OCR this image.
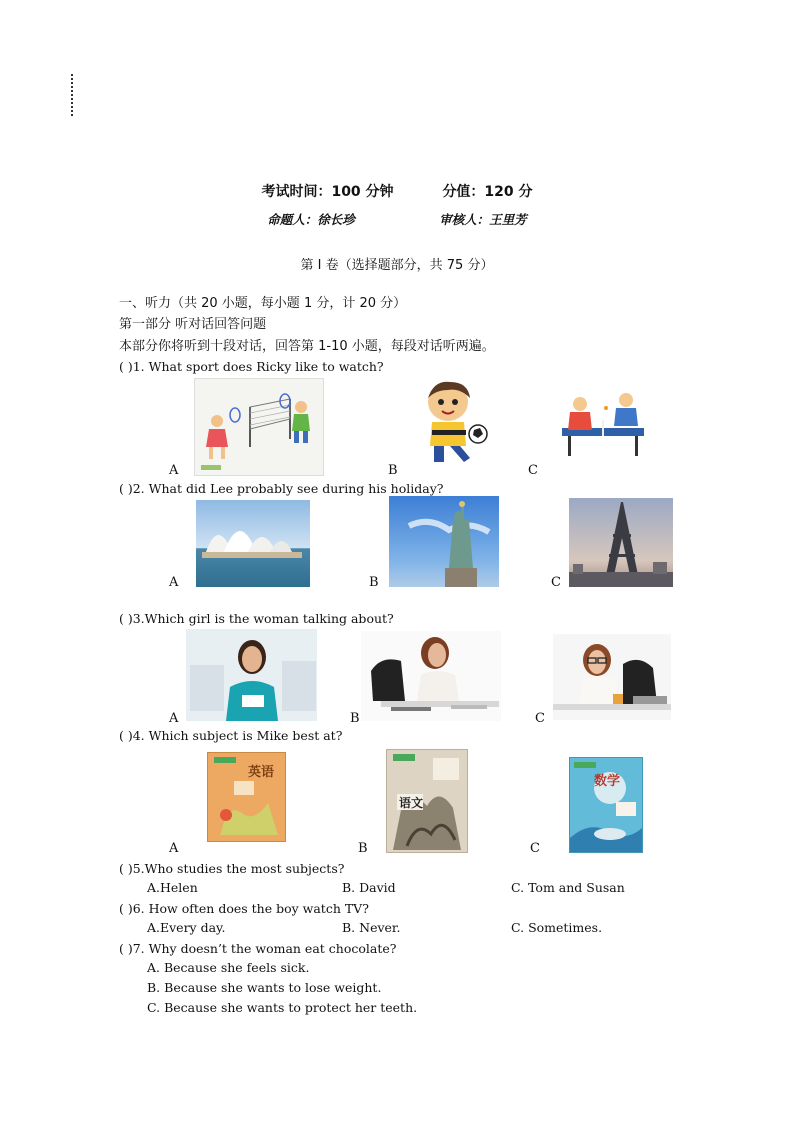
考试时间：100 分钟	分值：120 分
命题人：徐长珍	审核人：王里芳
第 Ⅰ 卷（选择题部分，共 75 分）
一、听力（共 20 小题，每小题 1 分，计 20 分）
第一部分 听对话回答问题
本部分你将听到十段对话，回答第 1-10 小题，每段对话听两遍。
( )1. What sport does Ricky like to watch?
A	B	C
( )2. What did Lee probably see during his holiday?
A	B	C
( )3.Which girl is the woman talking about?
A	B	C
( )4. Which subject is Mike best at?
英语
语文
数学
A	B	C
( )5.Who studies the most subjects?
A.Helen	B. David	C. Tom and Susan
( )6. How often does the boy watch TV?
A.Every day.	B. Never.	C. Sometimes.
( )7. Why doesn’t the woman eat chocolate?
A. Because she feels sick.
B. Because she wants to lose weight.
C. Because she wants to protect her teeth.
